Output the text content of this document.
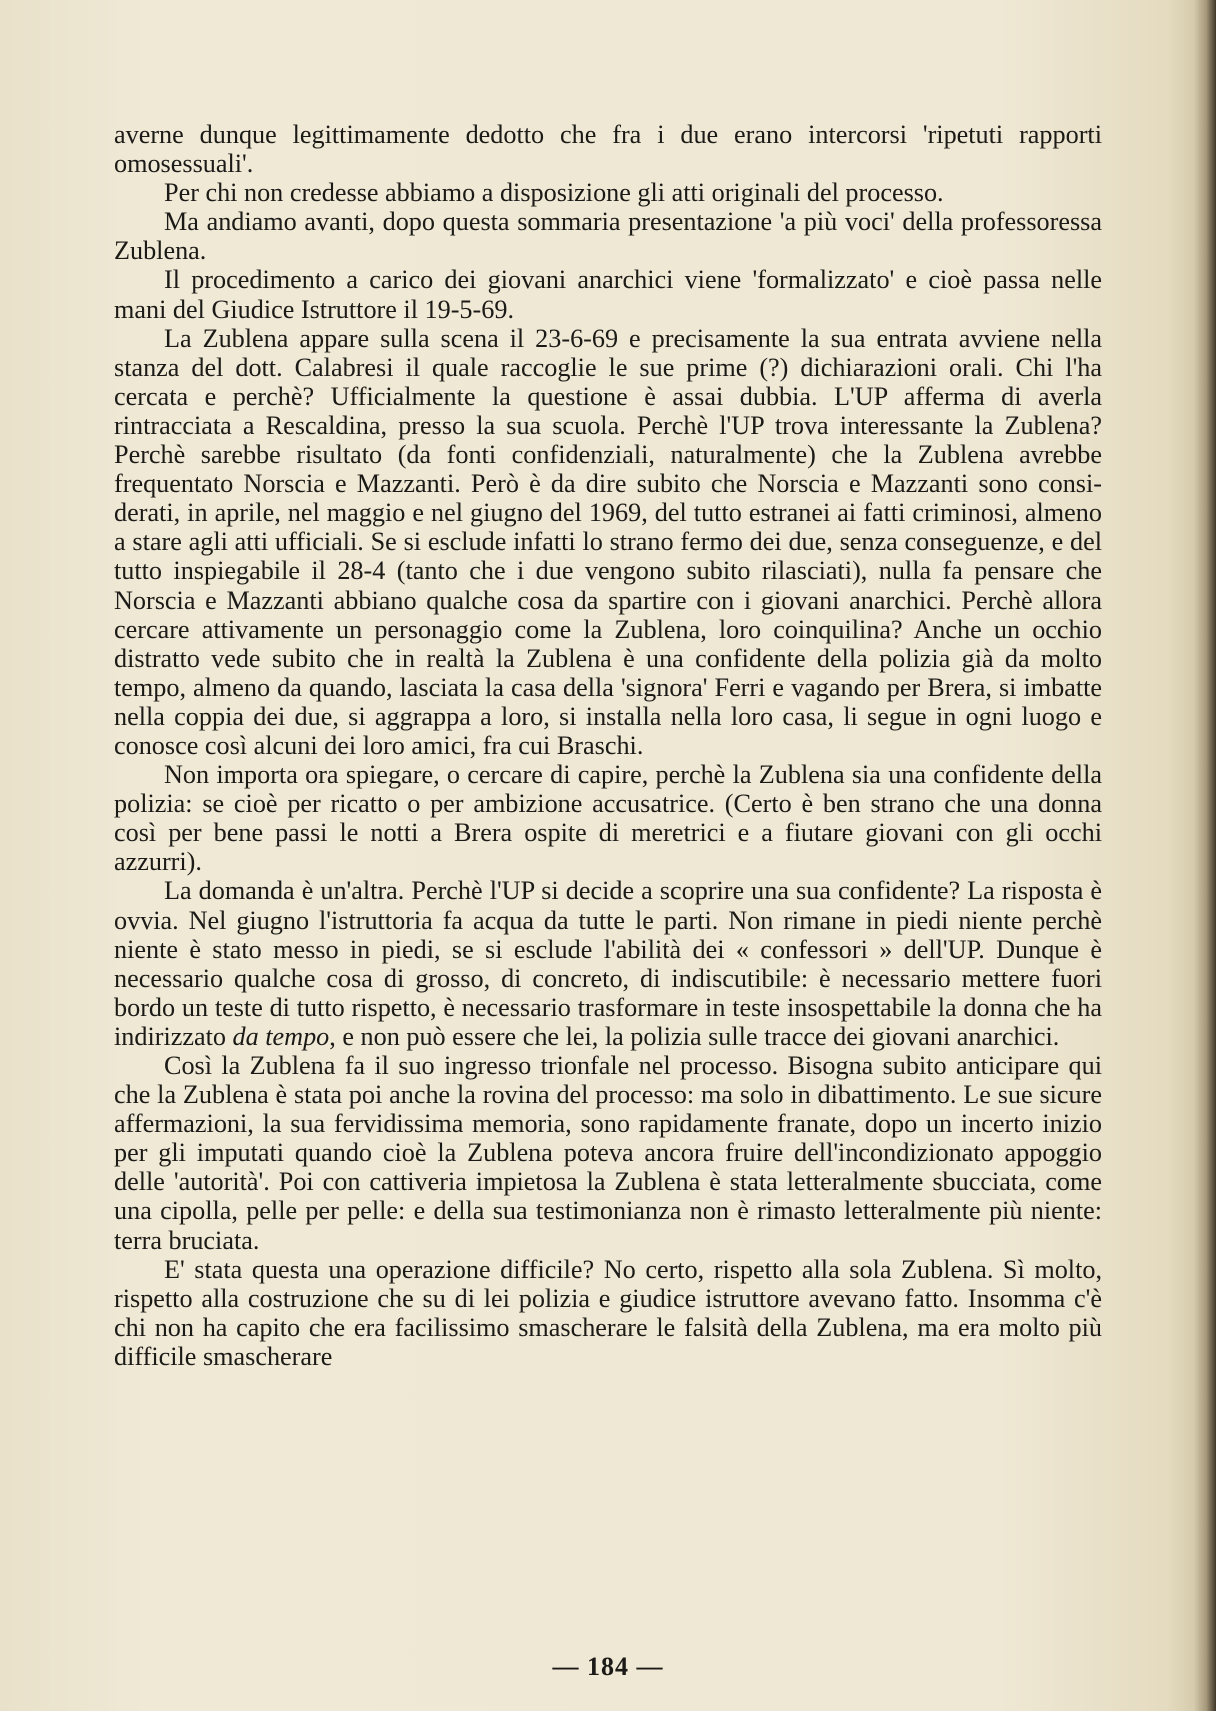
averne dunque legittimamente dedotto che fra i due erano intercorsi 'ripetuti rapporti omosessuali'.

Per chi non credesse abbiamo a disposizione gli atti originali del processo.

Ma andiamo avanti, dopo questa sommaria presentazione 'a più voci' della professoressa Zublena.

Il procedimento a carico dei giovani anarchici viene 'formalizzato' e cioè passa nelle mani del Giudice Istruttore il 19-5-69.

La Zublena appare sulla scena il 23-6-69 e precisamente la sua entrata avviene nella stanza del dott. Calabresi il quale raccoglie le sue prime (?) dichiarazioni orali. Chi l'ha cercata e perchè? Ufficialmente la questione è assai dubbia. L'UP afferma di averla rintracciata a Rescaldina, presso la sua scuola. Perchè l'UP trova interessante la Zublena? Perchè sarebbe risultato (da fonti confidenziali, naturalmente) che la Zublena avrebbe frequentato Norscia e Mazzanti. Però è da dire subito che Norscia e Mazzanti sono considerati, in aprile, nel maggio e nel giugno del 1969, del tutto estranei ai fatti criminosi, almeno a stare agli atti ufficiali. Se si esclude infatti lo strano fermo dei due, senza conseguenze, e del tutto inspiegabile il 28-4 (tanto che i due vengono subito rilasciati), nulla fa pensare che Norscia e Mazzanti abbiano qualche cosa da spartire con i giovani anarchici. Perchè allora cercare attivamente un personaggio come la Zublena, loro coinquilina? Anche un occhio distratto vede subito che in realtà la Zublena è una confidente della polizia già da molto tempo, almeno da quando, lasciata la casa della 'signora' Ferri e vagando per Brera, si imbatte nella coppia dei due, si aggrappa a loro, si installa nella loro casa, li segue in ogni luogo e conosce così alcuni dei loro amici, fra cui Braschi.

Non importa ora spiegare, o cercare di capire, perchè la Zublena sia una confidente della polizia: se cioè per ricatto o per ambizione accusatrice. (Certo è ben strano che una donna così per bene passi le notti a Brera ospite di meretrici e a fiutare giovani con gli occhi azzurri).

La domanda è un'altra. Perchè l'UP si decide a scoprire una sua confidente? La risposta è ovvia. Nel giugno l'istruttoria fa acqua da tutte le parti. Non rimane in piedi niente perchè niente è stato messo in piedi, se si esclude l'abilità dei « confessori » dell'UP. Dunque è necessario qualche cosa di grosso, di concreto, di indiscutibile: è necessario mettere fuori bordo un teste di tutto rispetto, è necessario trasformare in teste insospettabile la donna che ha indirizzato da tempo, e non può essere che lei, la polizia sulle tracce dei giovani anarchici.

Così la Zublena fa il suo ingresso trionfale nel processo. Bisogna subito anticipare qui che la Zublena è stata poi anche la rovina del processo: ma solo in dibattimento. Le sue sicure affermazioni, la sua fervidissima memoria, sono rapidamente franate, dopo un incerto inizio per gli imputati quando cioè la Zublena poteva ancora fruire dell'incondizionato appoggio delle 'autorità'. Poi con cattiveria impietosa la Zublena è stata letteralmente sbucciata, come una cipolla, pelle per pelle: e della sua testimonianza non è rimasto letteralmente più niente: terra bruciata.

E' stata questa una operazione difficile? No certo, rispetto alla sola Zublena. Sì molto, rispetto alla costruzione che su di lei polizia e giudice istruttore avevano fatto. Insomma c'è chi non ha capito che era facilissimo smascherare le falsità della Zublena, ma era molto più difficile smascherare

— 184 —
